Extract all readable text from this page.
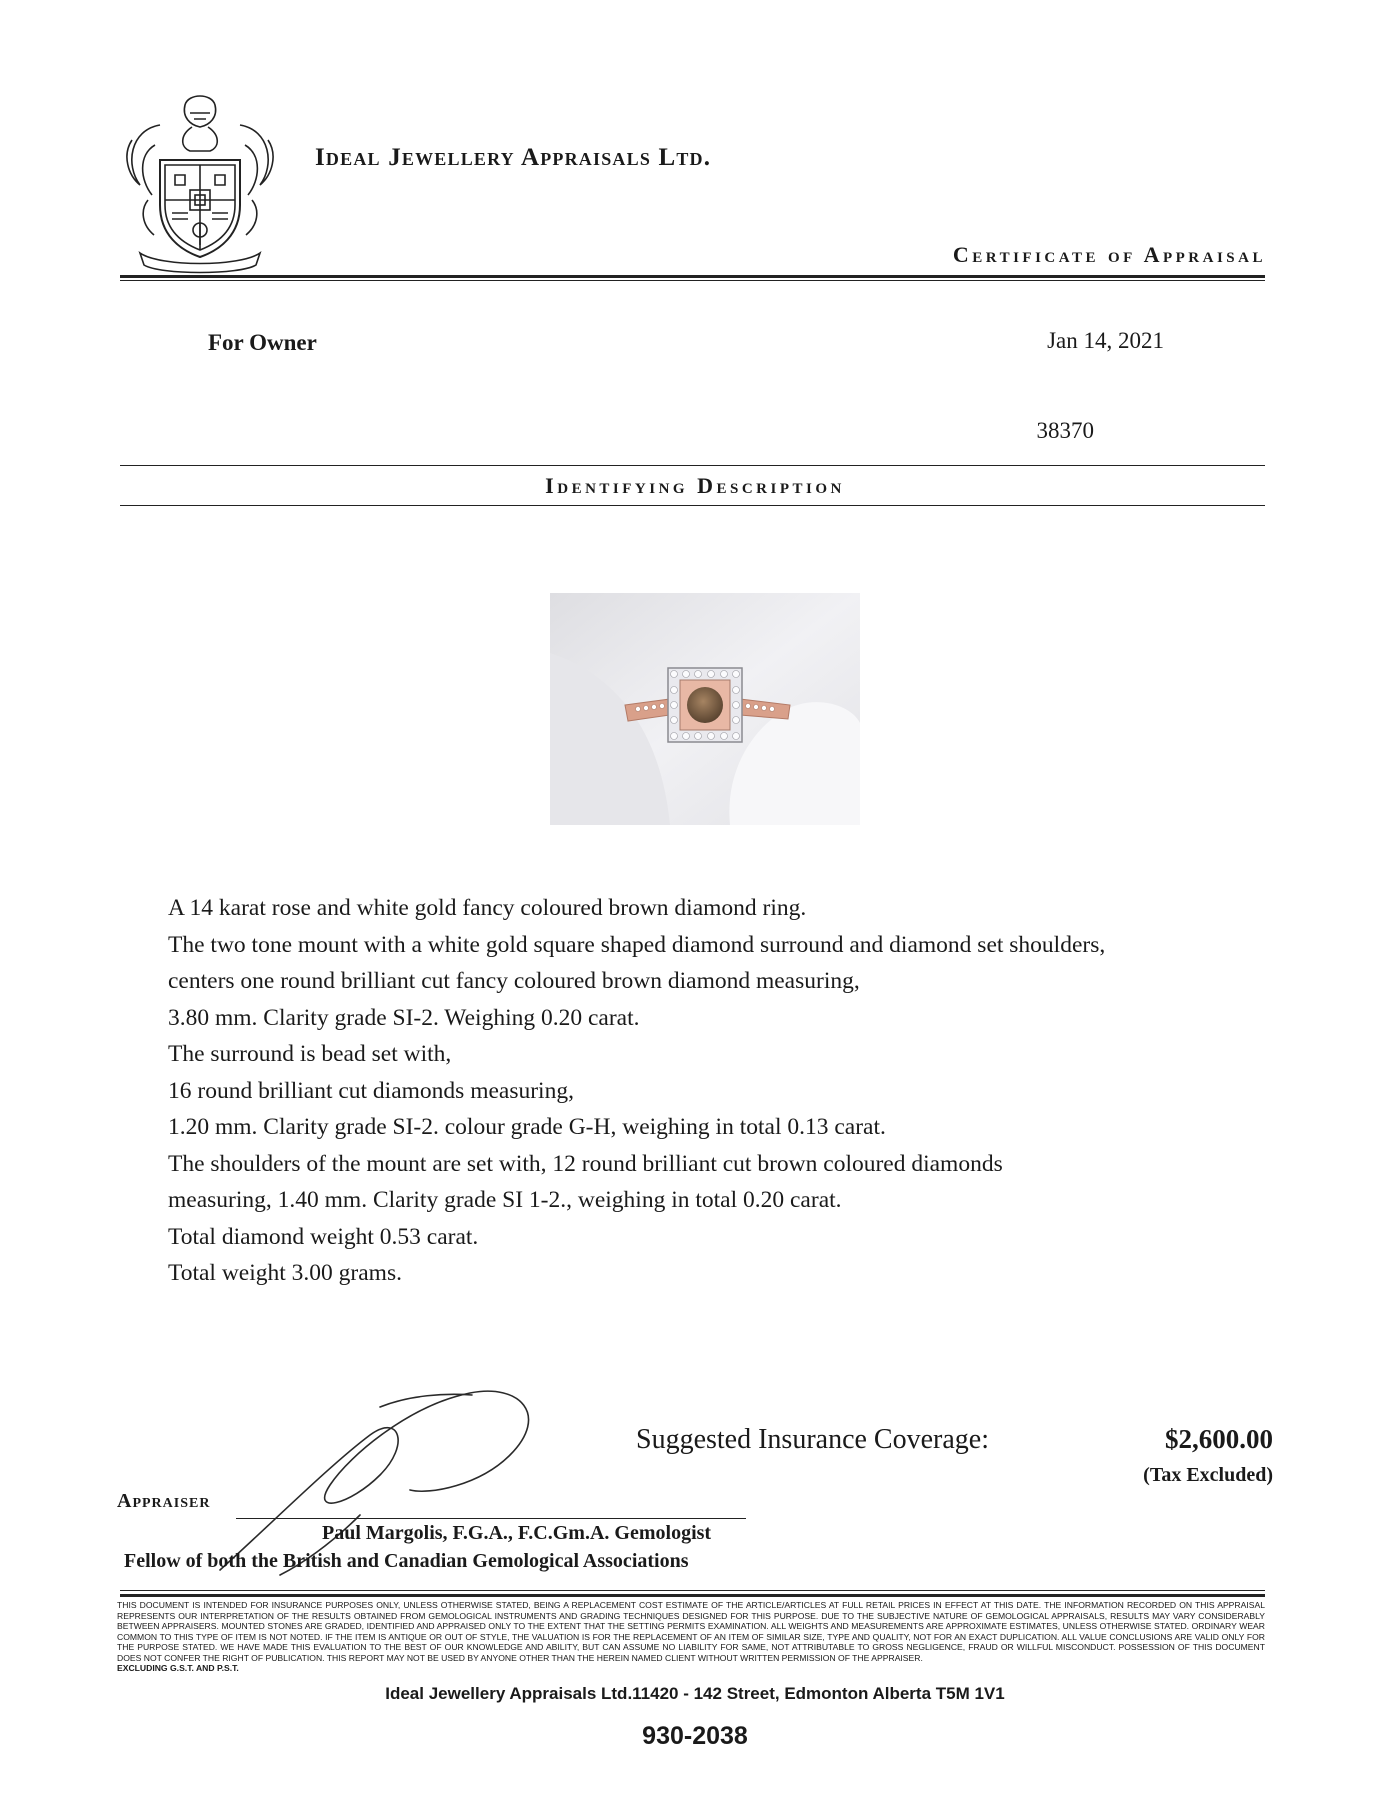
Ideal Jewellery Appraisals Ltd.
Certificate of Appraisal
For Owner	Jan 14, 2021
38370
Identifying Description
A 14 karat rose and white gold fancy coloured brown diamond ring.
The two tone mount with a white gold square shaped diamond surround and diamond set shoulders,
centers one round brilliant cut fancy coloured brown diamond measuring,
3.80 mm. Clarity grade SI-2. Weighing 0.20 carat.
The surround is bead set with,
16 round brilliant cut diamonds measuring,
1.20 mm. Clarity grade SI-2. colour grade G-H, weighing in total 0.13 carat.
The shoulders of the mount are set with, 12 round brilliant cut brown coloured diamonds
measuring, 1.40 mm. Clarity grade SI 1-2., weighing in total 0.20 carat.
Total diamond weight 0.53 carat.
Total weight 3.00 grams.
Suggested Insurance Coverage:	$2,600.00
(Tax Excluded)
Appraiser
Paul Margolis, F.G.A., F.C.Gm.A. Gemologist
Fellow of both the British and Canadian Gemological Associations
THIS DOCUMENT IS INTENDED FOR INSURANCE PURPOSES ONLY, UNLESS OTHERWISE STATED, BEING A REPLACEMENT COST ESTIMATE OF THE ARTICLE/ARTICLES AT FULL RETAIL PRICES IN EFFECT AT THIS DATE. THE INFORMATION RECORDED ON THIS APPRAISAL REPRESENTS OUR INTERPRETATION OF THE RESULTS OBTAINED FROM GEMOLOGICAL INSTRUMENTS AND GRADING TECHNIQUES DESIGNED FOR THIS PURPOSE. DUE TO THE SUBJECTIVE NATURE OF GEMOLOGICAL APPRAISALS, RESULTS MAY VARY CONSIDERABLY BETWEEN APPRAISERS. MOUNTED STONES ARE GRADED, IDENTIFIED AND APPRAISED ONLY TO THE EXTENT THAT THE SETTING PERMITS EXAMINATION. ALL WEIGHTS AND MEASUREMENTS ARE APPROXIMATE ESTIMATES, UNLESS OTHERWISE STATED. ORDINARY WEAR COMMON TO THIS TYPE OF ITEM IS NOT NOTED. IF THE ITEM IS ANTIQUE OR OUT OF STYLE, THE VALUATION IS FOR THE REPLACEMENT OF AN ITEM OF SIMILAR SIZE, TYPE AND QUALITY, NOT FOR AN EXACT DUPLICATION. ALL VALUE CONCLUSIONS ARE VALID ONLY FOR THE PURPOSE STATED. WE HAVE MADE THIS EVALUATION TO THE BEST OF OUR KNOWLEDGE AND ABILITY, BUT CAN ASSUME NO LIABILITY FOR SAME, NOT ATTRIBUTABLE TO GROSS NEGLIGENCE, FRAUD OR WILLFUL MISCONDUCT. POSSESSION OF THIS DOCUMENT DOES NOT CONFER THE RIGHT OF PUBLICATION. THIS REPORT MAY NOT BE USED BY ANYONE OTHER THAN THE HEREIN NAMED CLIENT WITHOUT WRITTEN PERMISSION OF THE APPRAISER.
EXCLUDING G.S.T. AND P.S.T.
Ideal Jewellery Appraisals Ltd.11420 - 142 Street, Edmonton Alberta T5M 1V1
930-2038
